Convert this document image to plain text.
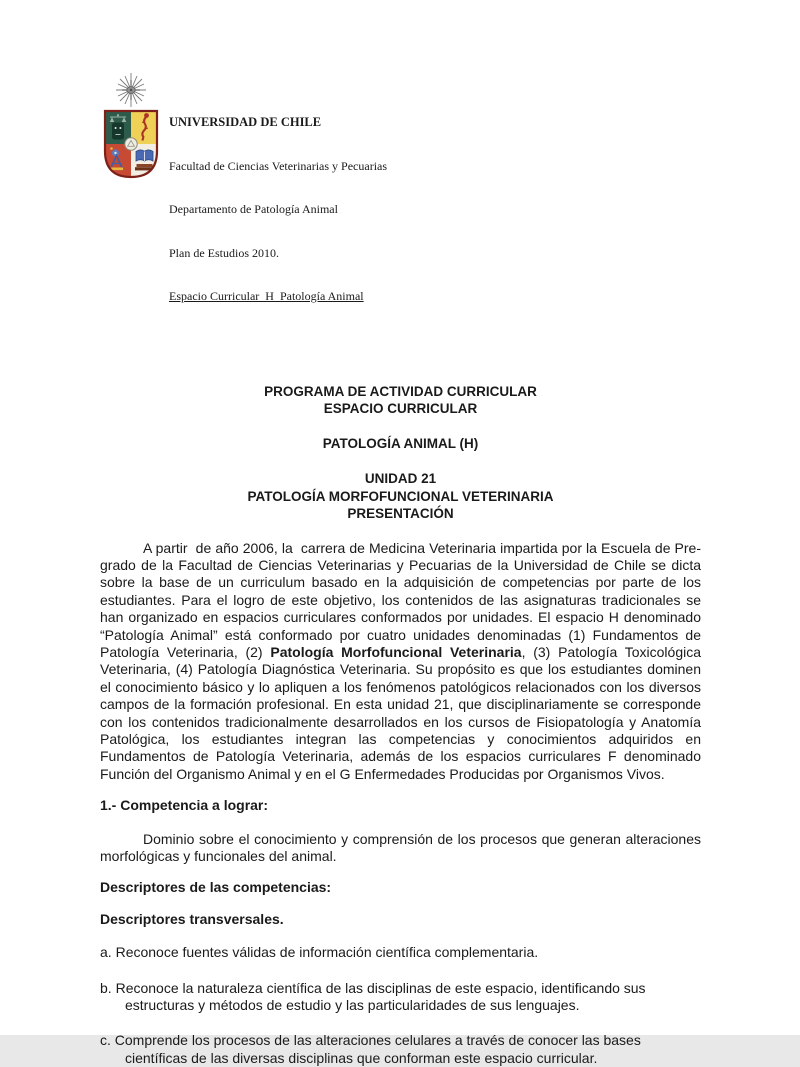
UNIVERSIDAD DE CHILE

Facultad de Ciencias Veterinarias y Pecuarias

Departamento de Patología Animal

Plan de Estudios 2010.

Espacio Curricular  H  Patología Animal

PROGRAMA DE ACTIVIDAD CURRICULAR
ESPACIO CURRICULAR
PATOLOGÍA ANIMAL (H)
UNIDAD 21
PATOLOGÍA MORFOFUNCIONAL VETERINARIA
PRESENTACIÓN

A partir  de año 2006, la  carrera de Medicina Veterinaria impartida por la Escuela de Pre-grado de la Facultad de Ciencias Veterinarias y Pecuarias de la Universidad de Chile se dicta sobre la base de un curriculum basado en la adquisición de competencias por parte de los estudiantes. Para el logro de este objetivo, los contenidos de las asignaturas tradicionales se han organizado en espacios curriculares conformados por unidades. El espacio H denominado “Patología Animal” está conformado por cuatro unidades denominadas (1) Fundamentos de Patología Veterinaria, (2) Patología Morfofuncional Veterinaria, (3) Patología Toxicológica Veterinaria, (4) Patología Diagnóstica Veterinaria. Su propósito es que los estudiantes dominen el conocimiento básico y lo apliquen a los fenómenos patológicos relacionados con los diversos campos de la formación profesional. En esta unidad 21, que disciplinariamente se corresponde con los contenidos tradicionalmente desarrollados en los cursos de Fisiopatología y Anatomía Patológica, los estudiantes integran las competencias y conocimientos adquiridos en Fundamentos de Patología Veterinaria, además de los espacios curriculares F denominado Función del Organismo Animal y en el G Enfermedades Producidas por Organismos Vivos.

1.- Competencia a lograr:

Dominio sobre el conocimiento y comprensión de los procesos que generan alteraciones morfológicas y funcionales del animal.

Descriptores de las competencias:
Descriptores transversales.
a. Reconoce fuentes válidas de información científica complementaria.
b. Reconoce la naturaleza científica de las disciplinas de este espacio, identificando sus estructuras y métodos de estudio y las particularidades de sus lenguajes.
c. Comprende los procesos de las alteraciones celulares a través de conocer las bases científicas de las diversas disciplinas que conforman este espacio curricular.
